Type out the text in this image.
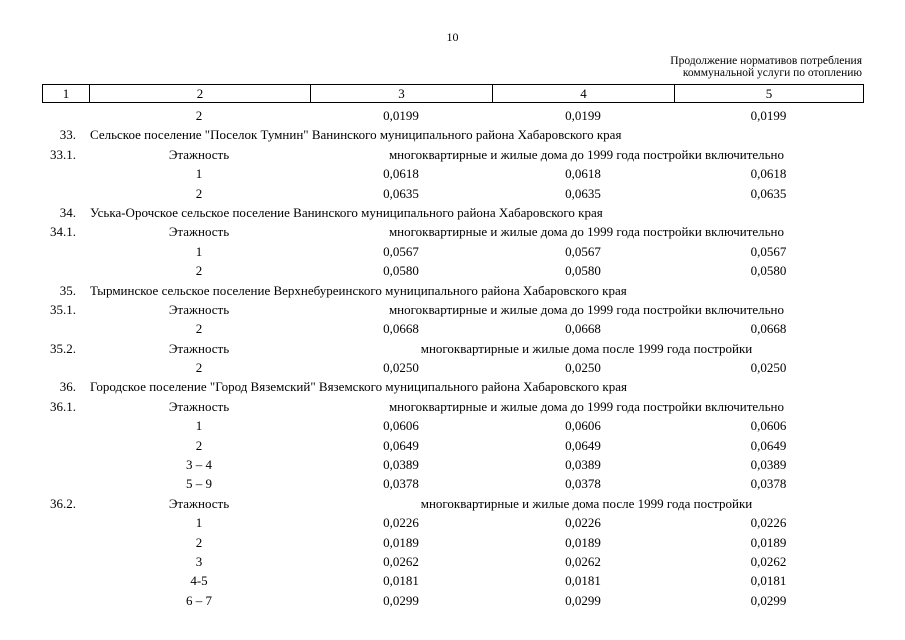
10
Продолжение нормативов потребления
коммунальной услуги по отоплению
1	2	3	4	5
2	0,0199	0,0199	0,0199
33. Сельское поселение "Поселок Тумнин" Ванинского муниципального района Хабаровского края
33.1.	Этажность	многоквартирные и жилые дома до 1999 года постройки включительно
1	0,0618	0,0618	0,0618
2	0,0635	0,0635	0,0635
34. Уська-Орочское сельское поселение Ванинского муниципального района Хабаровского края
34.1.	Этажность	многоквартирные и жилые дома до 1999 года постройки включительно
1	0,0567	0,0567	0,0567
2	0,0580	0,0580	0,0580
35. Тырминское сельское поселение Верхнебуреинского муниципального района Хабаровского края
35.1.	Этажность	многоквартирные и жилые дома до 1999 года постройки включительно
2	0,0668	0,0668	0,0668
35.2.	Этажность	многоквартирные и жилые дома после 1999 года постройки
2	0,0250	0,0250	0,0250
36. Городское поселение "Город Вяземский" Вяземского муниципального района Хабаровского края
36.1.	Этажность	многоквартирные и жилые дома до 1999 года постройки включительно
1	0,0606	0,0606	0,0606
2	0,0649	0,0649	0,0649
3 – 4	0,0389	0,0389	0,0389
5 – 9	0,0378	0,0378	0,0378
36.2.	Этажность	многоквартирные и жилые дома после 1999 года постройки
1	0,0226	0,0226	0,0226
2	0,0189	0,0189	0,0189
3	0,0262	0,0262	0,0262
4-5	0,0181	0,0181	0,0181
6 – 7	0,0299	0,0299	0,0299
